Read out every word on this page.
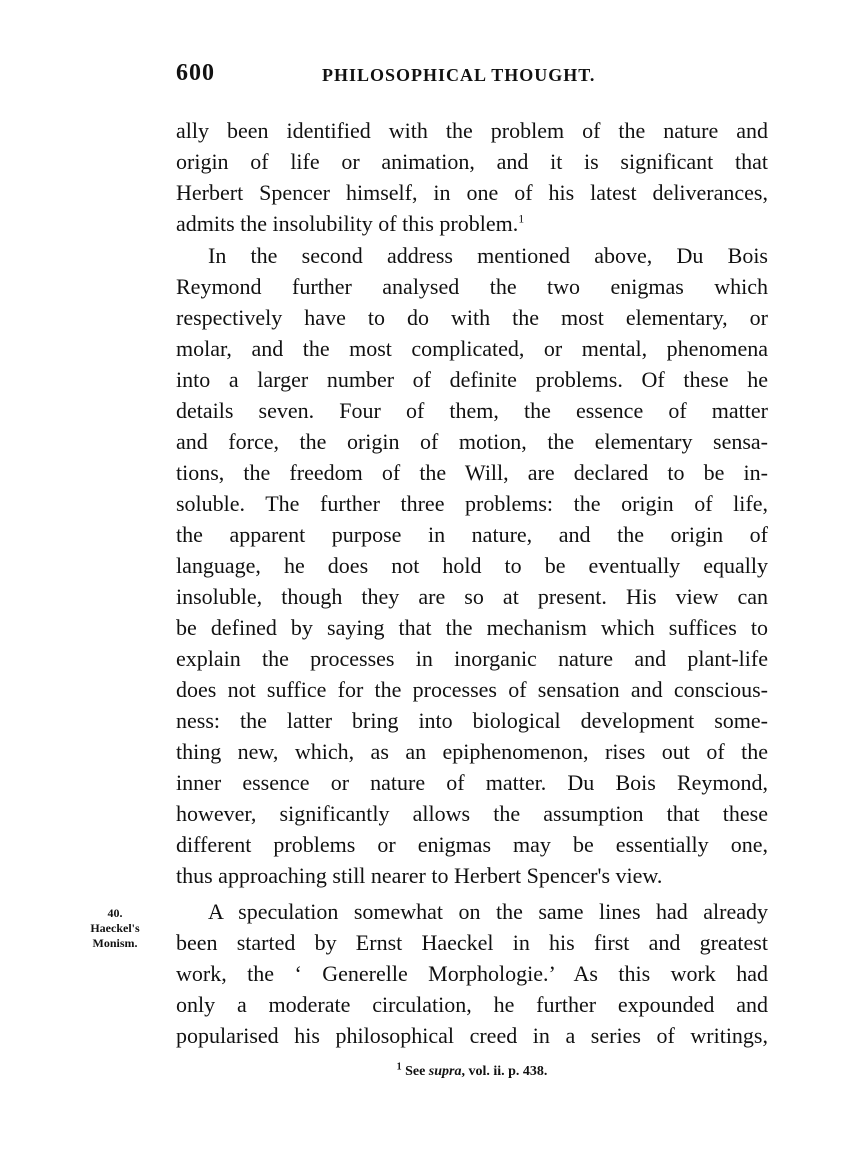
600	PHILOSOPHICAL THOUGHT.
ally been identified with the problem of the nature and
origin of life or animation, and it is significant that
Herbert Spencer himself, in one of his latest deliverances,
admits the insolubility of this problem.$^1$
In the second address mentioned above, Du Bois
Reymond further analysed the two enigmas which
respectively have to do with the most elementary, or
molar, and the most complicated, or mental, phenomena
into a larger number of definite problems. Of these he
details seven. Four of them, the essence of matter
and force, the origin of motion, the elementary sensa-
tions, the freedom of the Will, are declared to be in-
soluble. The further three problems: the origin of life,
the apparent purpose in nature, and the origin of
language, he does not hold to be eventually equally
insoluble, though they are so at present. His view can
be defined by saying that the mechanism which suffices to
explain the processes in inorganic nature and plant-life
does not suffice for the processes of sensation and conscious-
ness: the latter bring into biological development some-
thing new, which, as an epiphenomenon, rises out of the
inner essence or nature of matter. Du Bois Reymond,
however, significantly allows the assumption that these
different problems or enigmas may be essentially one,
thus approaching still nearer to Herbert Spencer's view.
40.
Haeckel's
Monism.
A speculation somewhat on the same lines had already
been started by Ernst Haeckel in his first and greatest
work, the ‘ Generelle Morphologie.’ As this work had
only a moderate circulation, he further expounded and
popularised his philosophical creed in a series of writings,
$^1$ See supra, vol. ii. p. 438.
